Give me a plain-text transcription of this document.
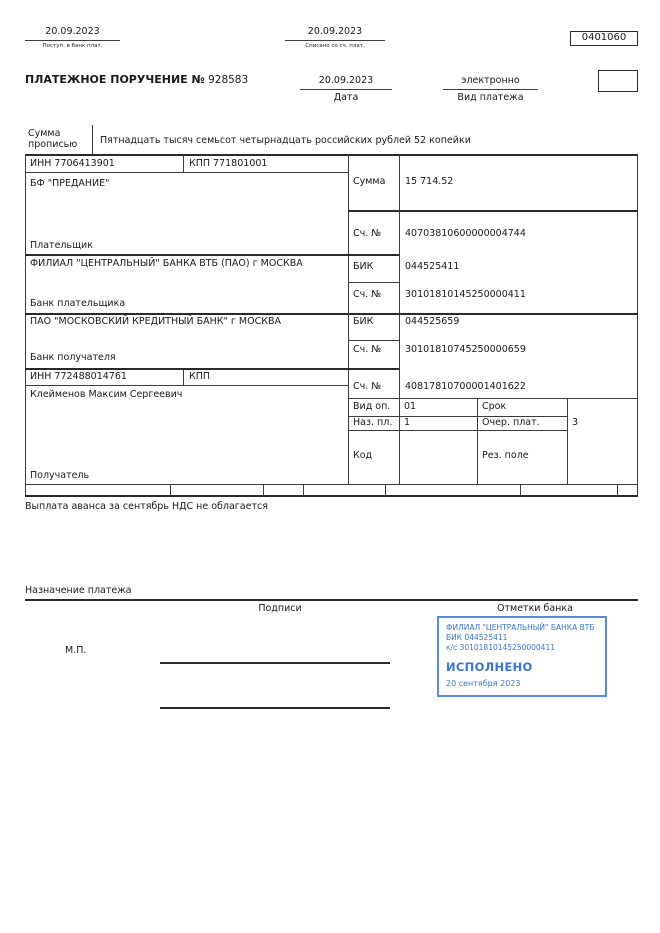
20.09.2023
Поступ. в банк плат.
20.09.2023
Списано со сч. плат.
0401060
ПЛАТЕЖНОЕ ПОРУЧЕНИЕ № 928583	20.09.2023
Дата
электронно
Вид платежа
Сумма прописью	Пятнадцать тысяч семьсот четырнадцать российских рублей 52 копейки
ИНН 7706413901	КПП 771801001
БФ "ПРЕДАНИЕ"
Плательщик
ФИЛИАЛ "ЦЕНТРАЛЬНЫЙ" БАНКА ВТБ (ПАО) г МОСКВА
Банк плательщика
ПАО "МОСКОВСКИЙ КРЕДИТНЫЙ БАНК" г МОСКВА
Банк получателя
ИНН 772488014761	КПП
Клейменов Максим Сергеевич
Получатель
Сумма 15 714.52
Сч. №	40703810600000004744
БИК	044525411
Сч. №	30101810145250000411
БИК	044525659
Сч. №	30101810745250000659
Сч. №	40817810700001401622
Вид оп. 01	Срок
Наз. пл. 1	Очер. плат.	3
Код	Рез. поле
Выплата аванса за сентябрь НДС не облагается
Назначение платежа
Подписи	Отметки банка
М.П.
ФИЛИАЛ "ЦЕНТРАЛЬНЫЙ" БАНКА ВТБ
БИК 044525411
к/с 30101810145250000411
ИСПОЛНЕНО
20 сентября 2023
